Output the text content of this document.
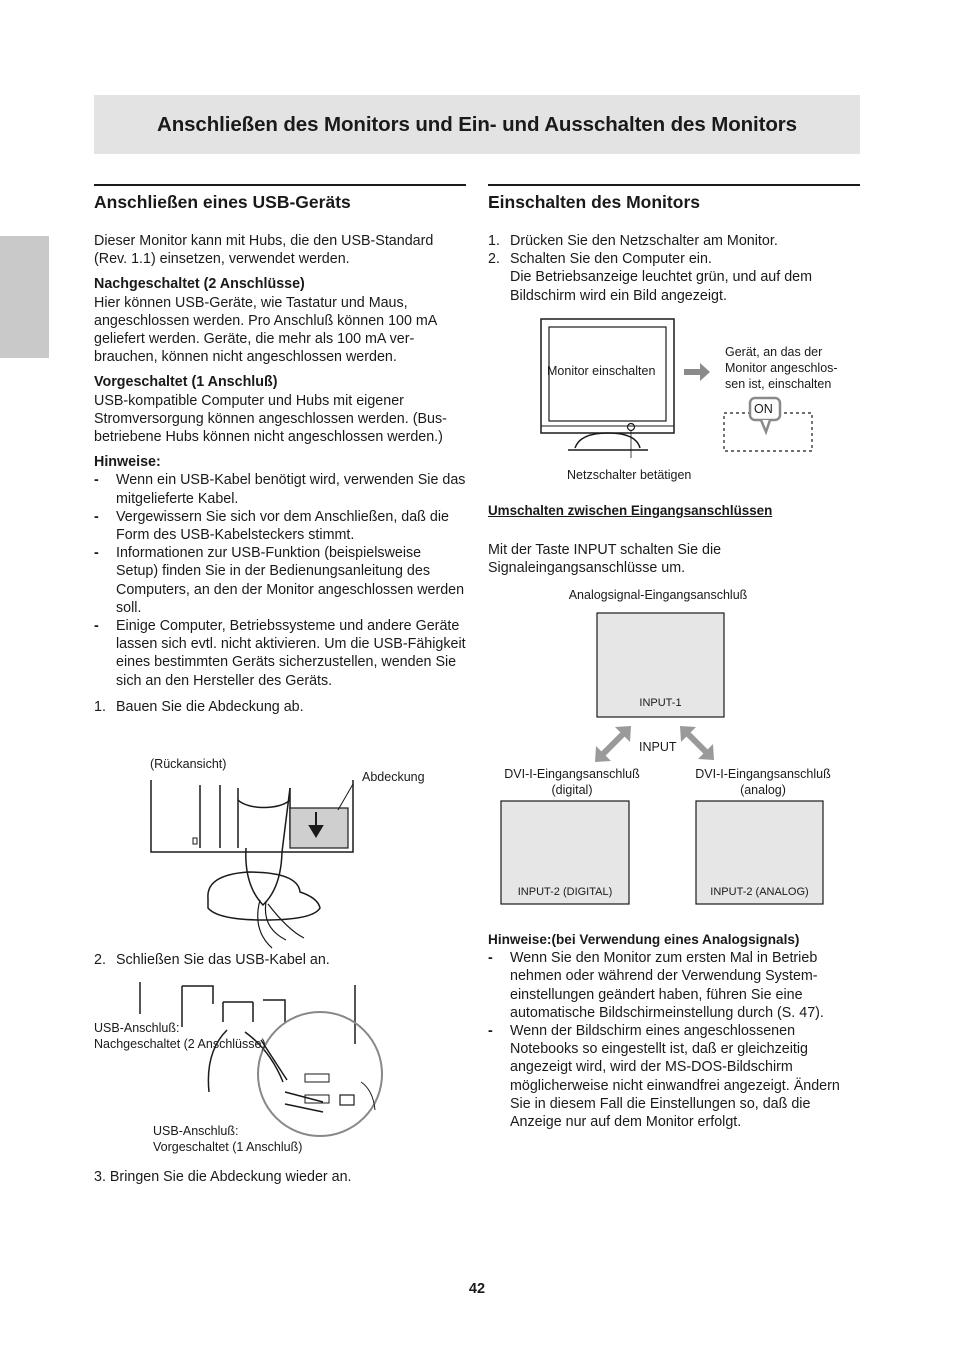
Anschließen des Monitors und Ein- und Ausschalten des Monitors
Anschließen eines USB-Geräts

Dieser Monitor kann mit Hubs, die den USB-Standard (Rev. 1.1) einsetzen, verwendet werden.

Nachgeschaltet (2 Anschlüsse)

Hier können USB-Geräte, wie Tastatur und Maus, angeschlossen werden. Pro Anschluß können 100 mA geliefert werden. Geräte, die mehr als 100 mA ver-brauchen, können nicht angeschlossen werden.

Vorgeschaltet (1 Anschluß)

USB-kompatible Computer und Hubs mit eigener Stromversorgung können angeschlossen werden. (Bus-betriebene Hubs können nicht angeschlossen werden.)

Hinweise:

- Wenn ein USB-Kabel benötigt wird, verwenden Sie das mitgelieferte Kabel.
- Vergewissern Sie sich vor dem Anschließen, daß die Form des USB-Kabelsteckers stimmt.
- Informationen zur USB-Funktion (beispielsweise Setup) finden Sie in der Bedienungsanleitung des Computers, an den der Monitor angeschlossen werden soll.
- Einige Computer, Betriebssysteme und andere Geräte lassen sich evtl. nicht aktivieren. Um die USB-Fähigkeit eines bestimmten Geräts sicherzustellen, wenden Sie sich an den Hersteller des Geräts.
1. Bauen Sie die Abdeckung ab.
(Rückansicht)
Abdeckung
2. Schließen Sie das USB-Kabel an.
USB-Anschluß:
Nachgeschaltet (2 Anschlüsse)
USB-Anschluß:
Vorgeschaltet (1 Anschluß)
3. Bringen Sie die Abdeckung wieder an.
Einschalten des Monitors
1. Drücken Sie den Netzschalter am Monitor.
2. Schalten Sie den Computer ein.
Die Betriebsanzeige leuchtet grün, und auf dem Bildschirm wird ein Bild angezeigt.
Monitor einschalten
Gerät, an das der
Monitor angeschlos-
sen ist, einschalten
ON
Netzschalter betätigen
Umschalten zwischen Eingangsanschlüssen
Mit der Taste INPUT schalten Sie die Signaleingangsanschlüsse um.
Analogsignal-Eingangsanschluß
INPUT-1
INPUT
DVI-I-Eingangsanschluß
(digital)
DVI-I-Eingangsanschluß
(analog)
INPUT-2 (DIGITAL)	INPUT-2 (ANALOG)

Hinweise:(bei Verwendung eines Analogsignals)

- Wenn Sie den Monitor zum ersten Mal in Betrieb nehmen oder während der Verwendung System-einstellungen geändert haben, führen Sie eine automatische Bildschirmeinstellung durch (S. 47).
- Wenn der Bildschirm eines angeschlossenen Notebooks so eingestellt ist, daß er gleichzeitig angezeigt wird, wird der MS-DOS-Bildschirm möglicherweise nicht einwandfrei angezeigt. Ändern Sie in diesem Fall die Einstellungen so, daß die Anzeige nur auf dem Monitor erfolgt.
42
